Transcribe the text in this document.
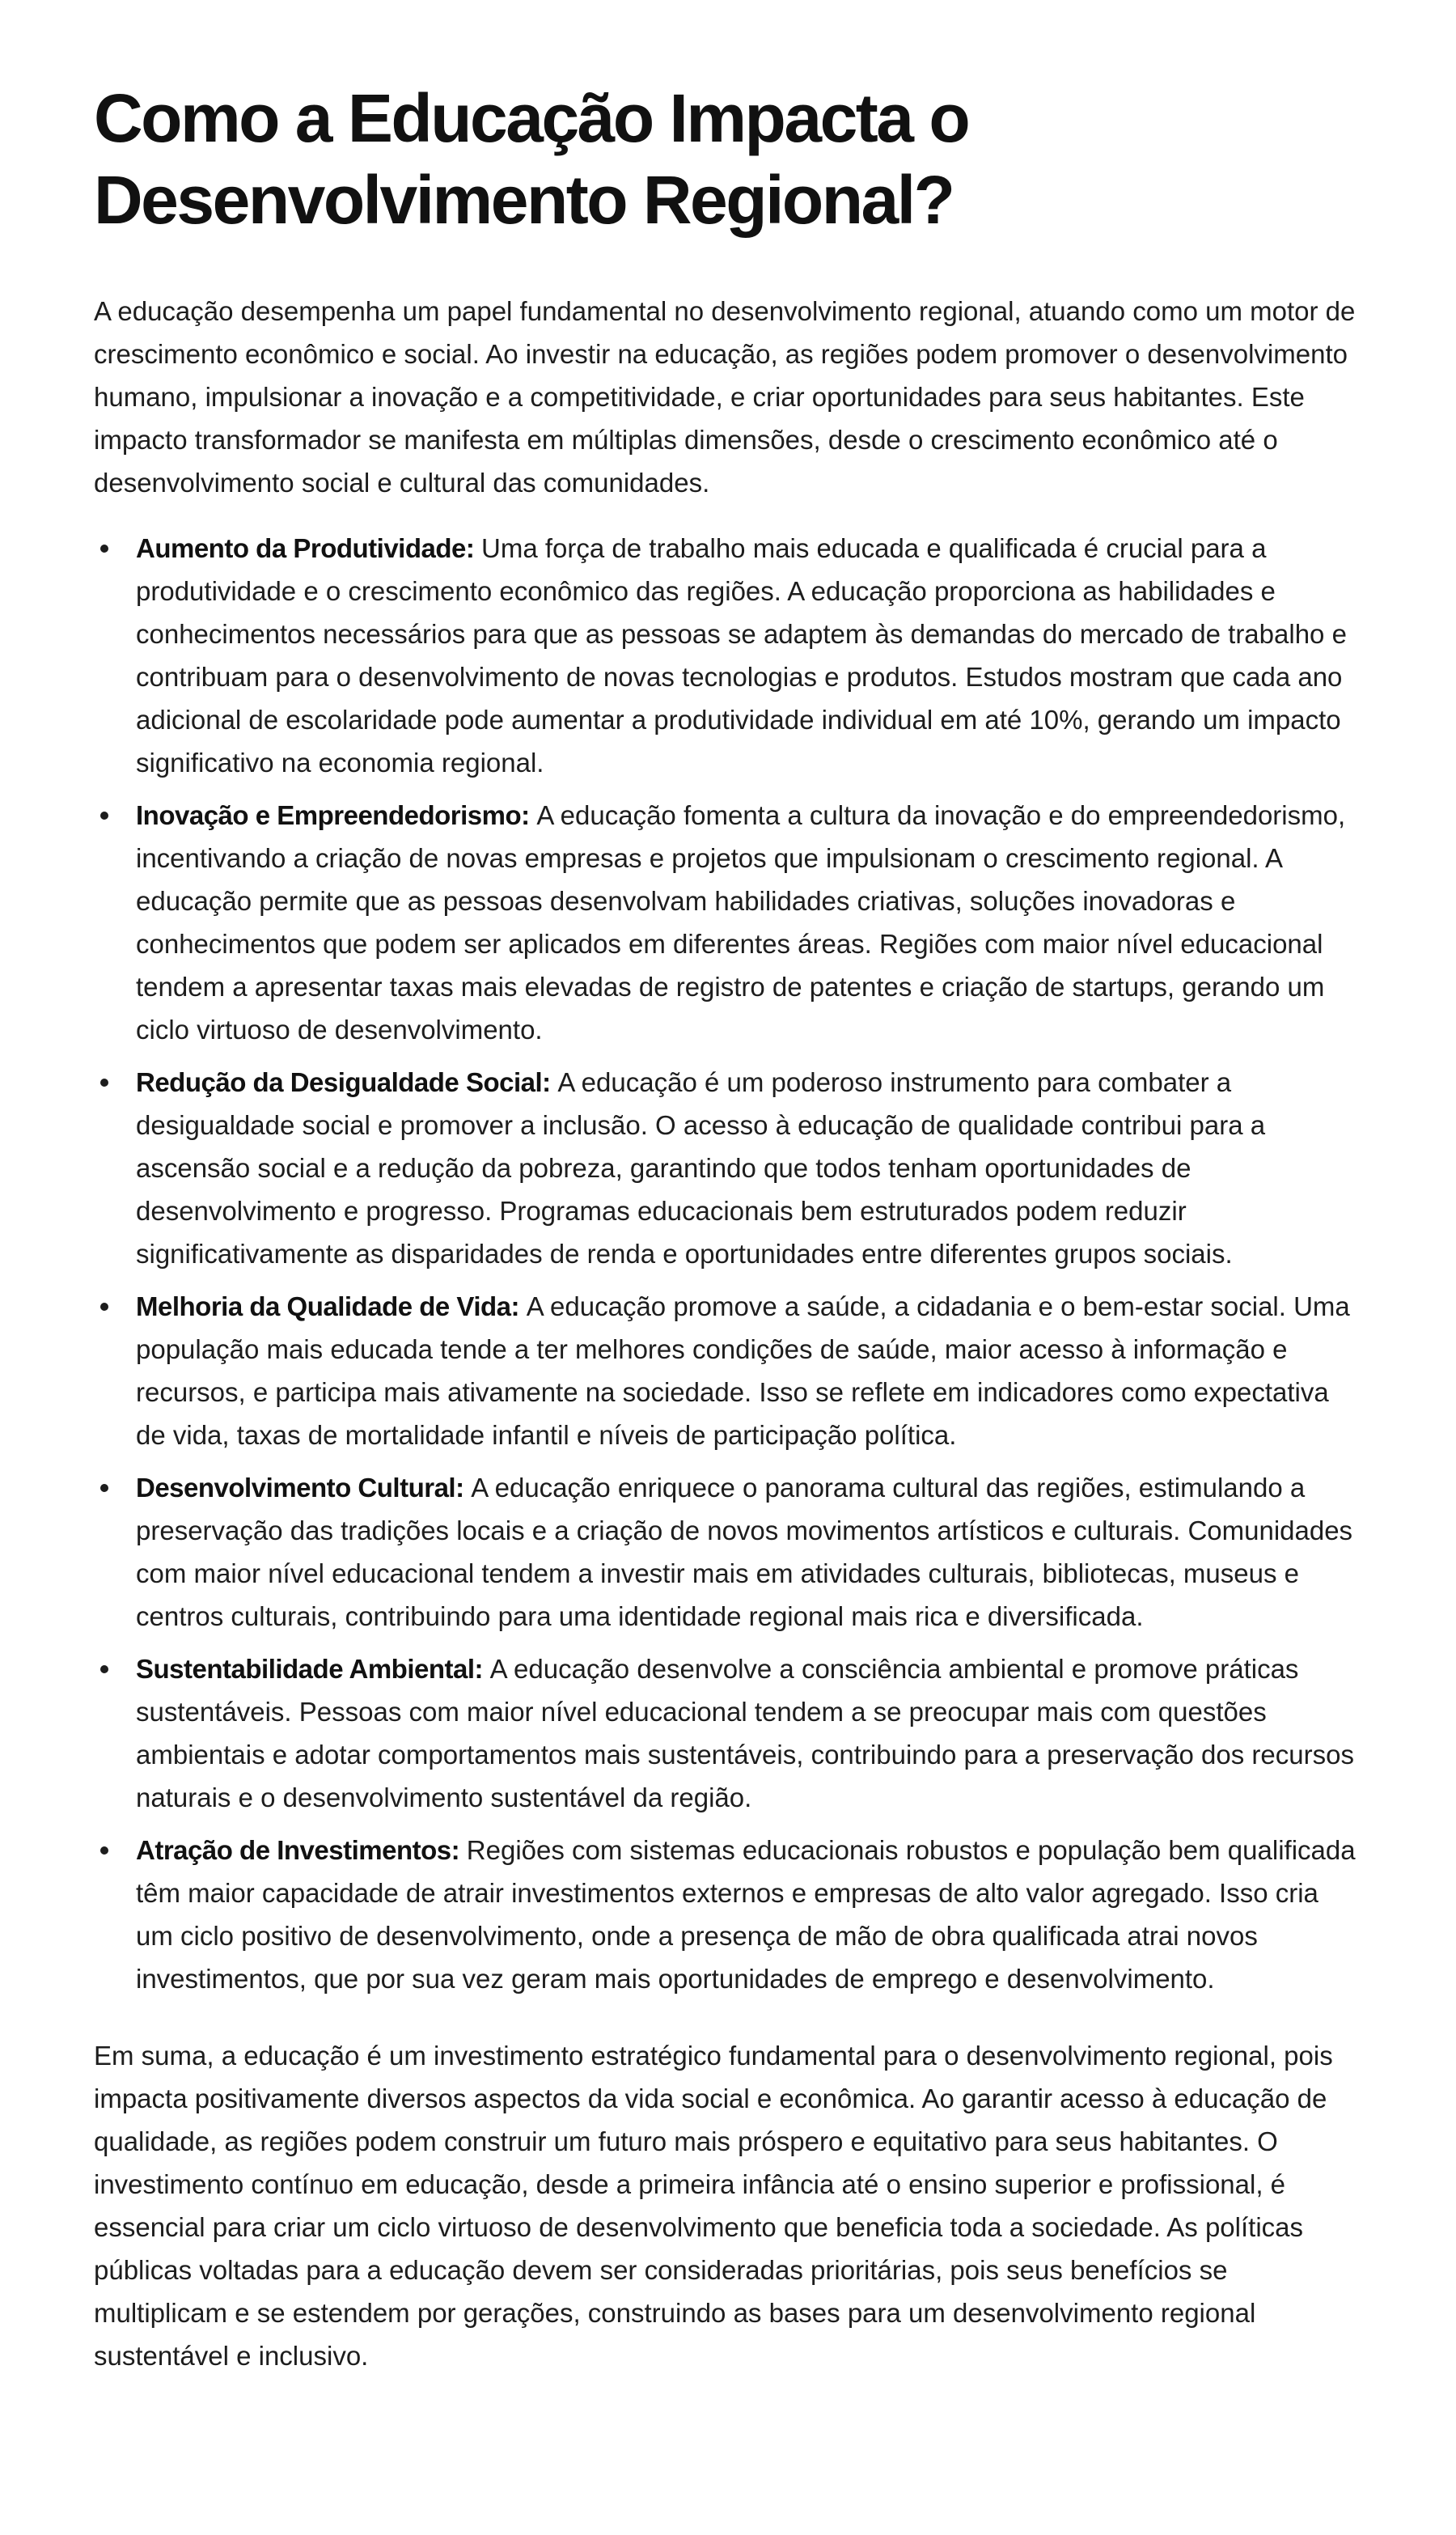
Como a Educação Impacta o Desenvolvimento Regional?

A educação desempenha um papel fundamental no desenvolvimento regional, atuando como um motor de crescimento econômico e social. Ao investir na educação, as regiões podem promover o desenvolvimento humano, impulsionar a inovação e a competitividade, e criar oportunidades para seus habitantes. Este impacto transformador se manifesta em múltiplas dimensões, desde o crescimento econômico até o desenvolvimento social e cultural das comunidades.

Aumento da Produtividade: Uma força de trabalho mais educada e qualificada é crucial para a produtividade e o crescimento econômico das regiões. A educação proporciona as habilidades e conhecimentos necessários para que as pessoas se adaptem às demandas do mercado de trabalho e contribuam para o desenvolvimento de novas tecnologias e produtos. Estudos mostram que cada ano adicional de escolaridade pode aumentar a produtividade individual em até 10%, gerando um impacto significativo na economia regional.
Inovação e Empreendedorismo: A educação fomenta a cultura da inovação e do empreendedorismo, incentivando a criação de novas empresas e projetos que impulsionam o crescimento regional. A educação permite que as pessoas desenvolvam habilidades criativas, soluções inovadoras e conhecimentos que podem ser aplicados em diferentes áreas. Regiões com maior nível educacional tendem a apresentar taxas mais elevadas de registro de patentes e criação de startups, gerando um ciclo virtuoso de desenvolvimento.
Redução da Desigualdade Social: A educação é um poderoso instrumento para combater a desigualdade social e promover a inclusão. O acesso à educação de qualidade contribui para a ascensão social e a redução da pobreza, garantindo que todos tenham oportunidades de desenvolvimento e progresso. Programas educacionais bem estruturados podem reduzir significativamente as disparidades de renda e oportunidades entre diferentes grupos sociais.
Melhoria da Qualidade de Vida: A educação promove a saúde, a cidadania e o bem-estar social. Uma população mais educada tende a ter melhores condições de saúde, maior acesso à informação e recursos, e participa mais ativamente na sociedade. Isso se reflete em indicadores como expectativa de vida, taxas de mortalidade infantil e níveis de participação política.
Desenvolvimento Cultural: A educação enriquece o panorama cultural das regiões, estimulando a preservação das tradições locais e a criação de novos movimentos artísticos e culturais. Comunidades com maior nível educacional tendem a investir mais em atividades culturais, bibliotecas, museus e centros culturais, contribuindo para uma identidade regional mais rica e diversificada.
Sustentabilidade Ambiental: A educação desenvolve a consciência ambiental e promove práticas sustentáveis. Pessoas com maior nível educacional tendem a se preocupar mais com questões ambientais e adotar comportamentos mais sustentáveis, contribuindo para a preservação dos recursos naturais e o desenvolvimento sustentável da região.
Atração de Investimentos: Regiões com sistemas educacionais robustos e população bem qualificada têm maior capacidade de atrair investimentos externos e empresas de alto valor agregado. Isso cria um ciclo positivo de desenvolvimento, onde a presença de mão de obra qualificada atrai novos investimentos, que por sua vez geram mais oportunidades de emprego e desenvolvimento.

Em suma, a educação é um investimento estratégico fundamental para o desenvolvimento regional, pois impacta positivamente diversos aspectos da vida social e econômica. Ao garantir acesso à educação de qualidade, as regiões podem construir um futuro mais próspero e equitativo para seus habitantes. O investimento contínuo em educação, desde a primeira infância até o ensino superior e profissional, é essencial para criar um ciclo virtuoso de desenvolvimento que beneficia toda a sociedade. As políticas públicas voltadas para a educação devem ser consideradas prioritárias, pois seus benefícios se multiplicam e se estendem por gerações, construindo as bases para um desenvolvimento regional sustentável e inclusivo.
